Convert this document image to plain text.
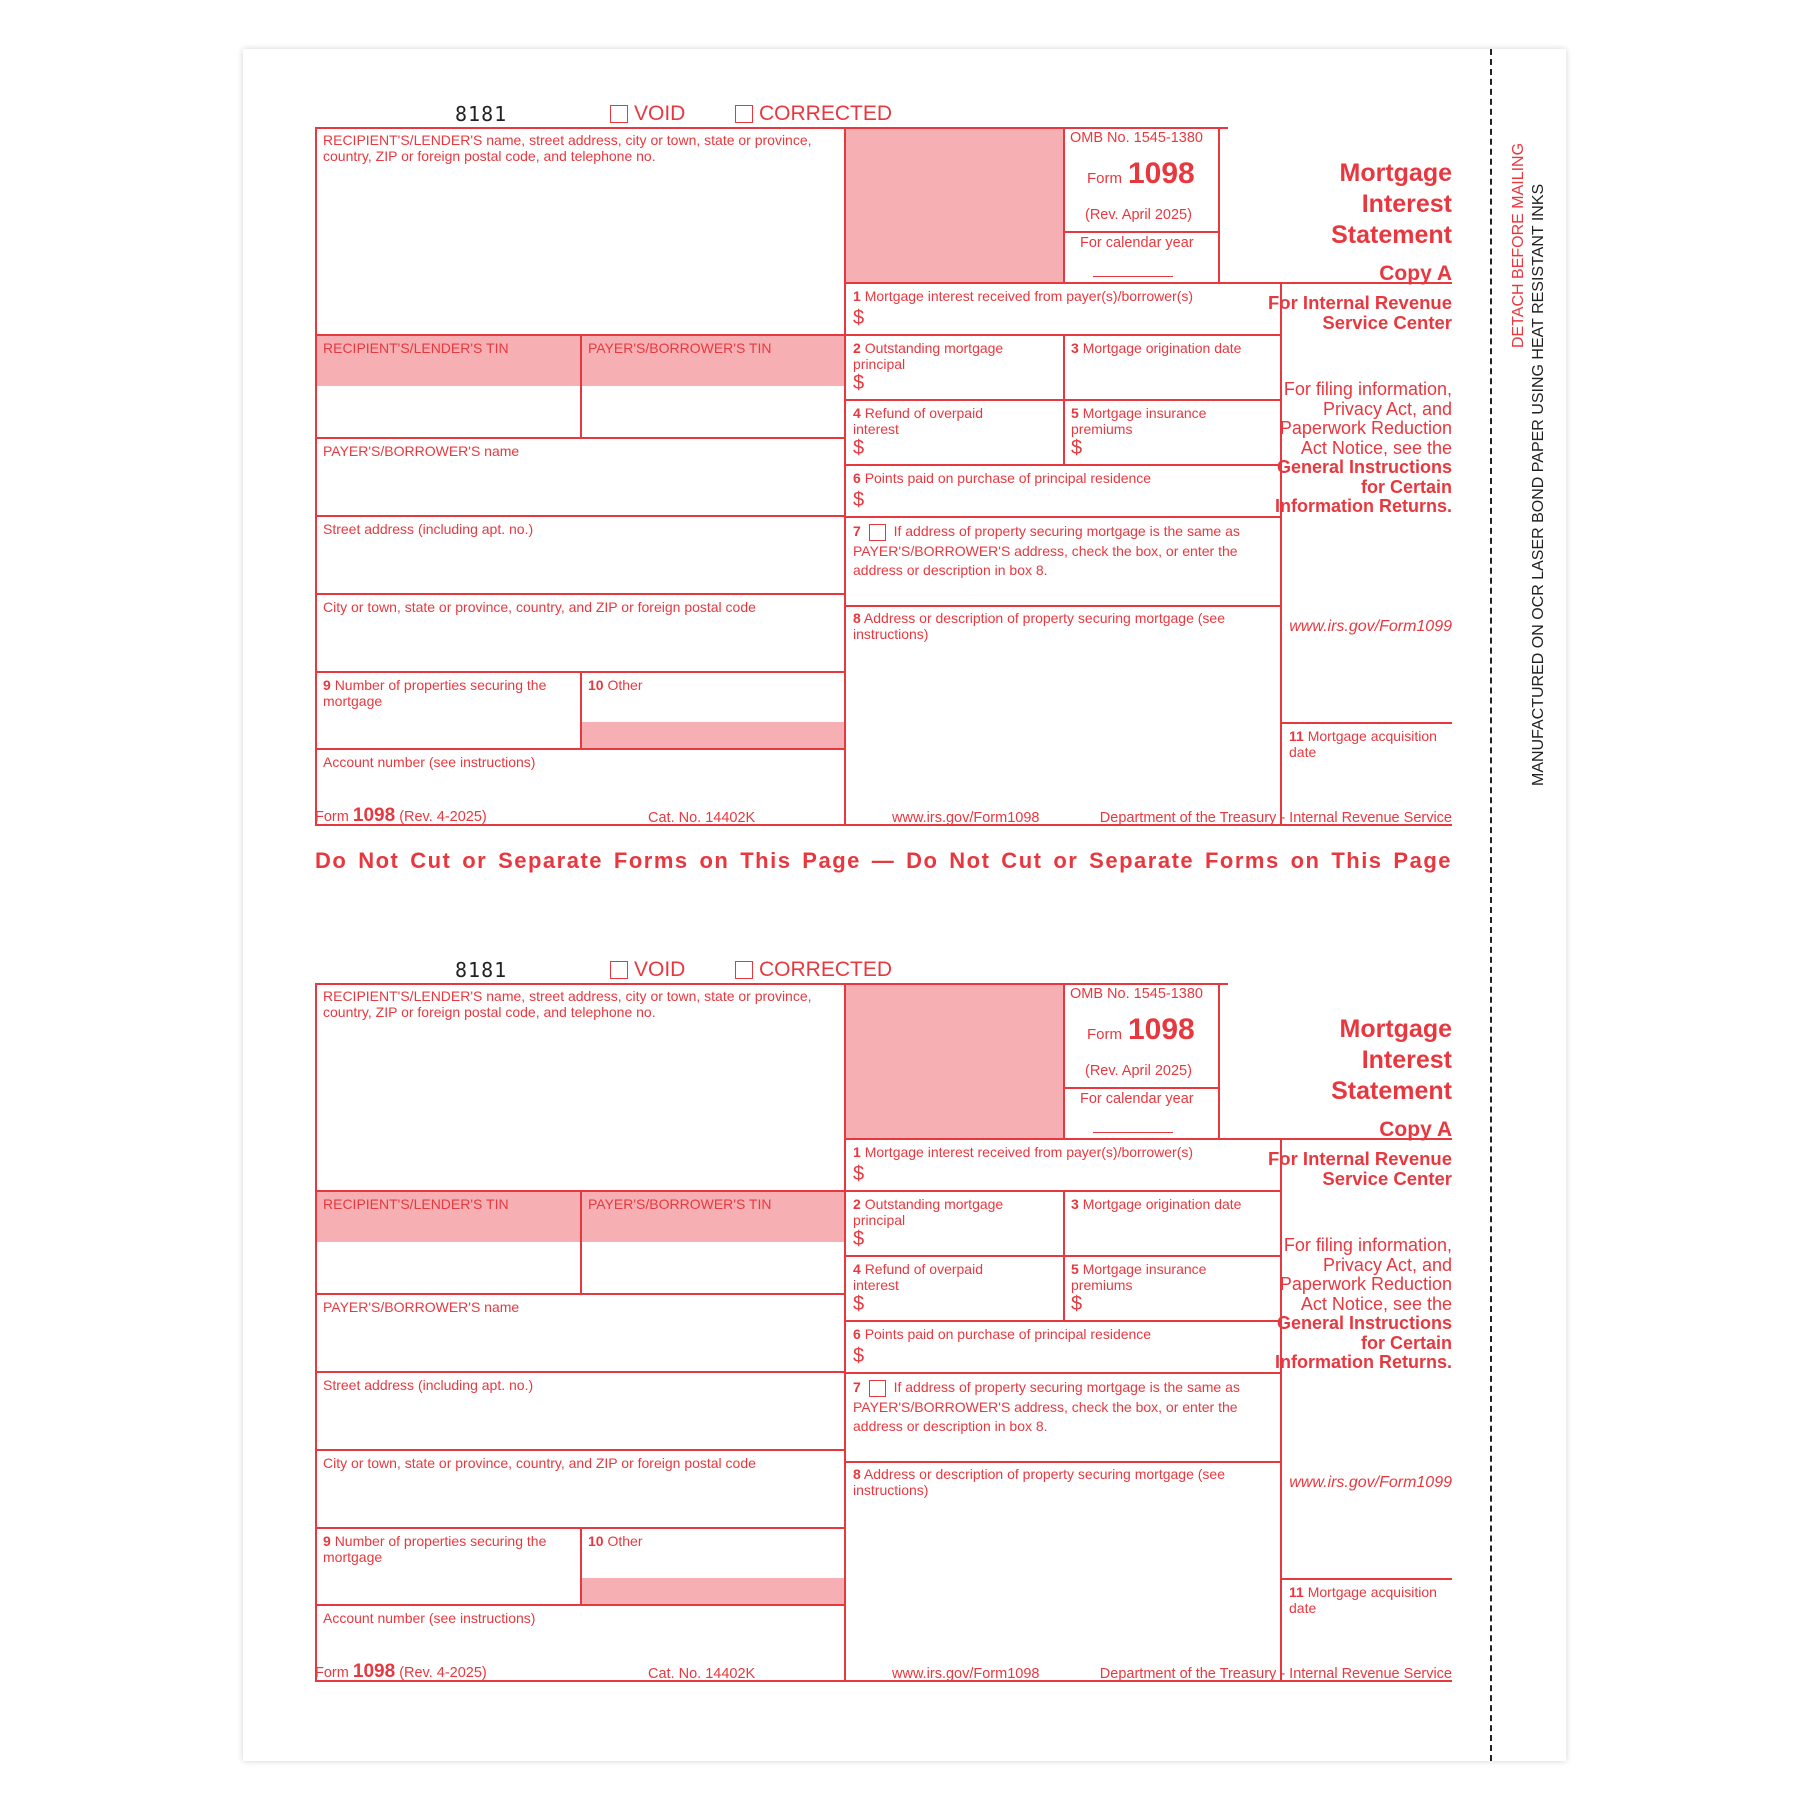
DETACH BEFORE MAILING MANUFACTURED ON OCR LASER BOND PAPER USING HEAT RESISTANT INKS
8181	VOID	CORRECTED
RECIPIENT'S/LENDER'S name, street address, city or town, state or province, country, ZIP or foreign postal code, and telephone no.
RECIPIENT'S/LENDER'S TIN	PAYER'S/BORROWER'S TIN
PAYER'S/BORROWER'S name
Street address (including apt. no.)
City or town, state or province, country, and ZIP or foreign postal code
9 Number of properties securing the mortgage
10 Other
Account number (see instructions)
OMB No. 1545-1380
Form 1098
(Rev. April 2025)
For calendar year
1 Mortgage interest received from payer(s)/borrower(s)
$
2 Outstanding mortgage principal
$
3 Mortgage origination date
4 Refund of overpaid interest
$
5 Mortgage insurance premiums
$
6 Points paid on purchase of principal residence
$
7 If address of property securing mortgage is the same as PAYER'S/BORROWER'S address, check the box, or enter the address or description in box 8.
8 Address or description of property securing mortgage (see instructions)
Mortgage Interest Statement
Copy A
For Internal Revenue Service Center
For filing information, Privacy Act, and Paperwork Reduction Act Notice, see the General Instructions for Certain Information Returns.
www.irs.gov/Form1099
11 Mortgage acquisition date
Form 1098 (Rev. 4-2025)	Cat. No. 14402K	www.irs.gov/Form1098	Department of the Treasury - Internal Revenue Service
Do Not Cut or Separate Forms on This Page — Do Not Cut or Separate Forms on This Page
8181	VOID	CORRECTED
RECIPIENT'S/LENDER'S name, street address, city or town, state or province, country, ZIP or foreign postal code, and telephone no.
RECIPIENT'S/LENDER'S TIN	PAYER'S/BORROWER'S TIN
PAYER'S/BORROWER'S name
Street address (including apt. no.)
City or town, state or province, country, and ZIP or foreign postal code
9 Number of properties securing the mortgage
10 Other
Account number (see instructions)
OMB No. 1545-1380
Form 1098
(Rev. April 2025)
For calendar year
1 Mortgage interest received from payer(s)/borrower(s)
$
2 Outstanding mortgage principal
$
3 Mortgage origination date
4 Refund of overpaid interest
$
5 Mortgage insurance premiums
$
6 Points paid on purchase of principal residence
$
7 If address of property securing mortgage is the same as PAYER'S/BORROWER'S address, check the box, or enter the address or description in box 8.
8 Address or description of property securing mortgage (see instructions)
Mortgage Interest Statement
Copy A
For Internal Revenue Service Center
For filing information, Privacy Act, and Paperwork Reduction Act Notice, see the General Instructions for Certain Information Returns.
www.irs.gov/Form1099
11 Mortgage acquisition date
Form 1098 (Rev. 4-2025)	Cat. No. 14402K	www.irs.gov/Form1098	Department of the Treasury - Internal Revenue Service
